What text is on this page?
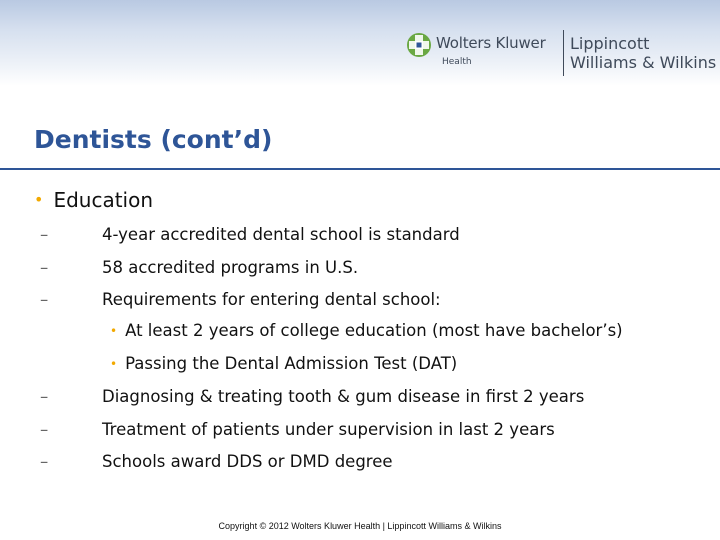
Wolters Kluwer
Health
Lippincott
Williams & Wilkins
Dentists (cont’d)
• Education
–	4-year accredited dental school is standard
–	58 accredited programs in U.S.
–	Requirements for entering dental school:
• At least 2 years of college education (most have bachelor’s)
• Passing the Dental Admission Test (DAT)
–	Diagnosing & treating tooth & gum disease in first 2 years
–	Treatment of patients under supervision in last 2 years
–	Schools award DDS or DMD degree
Copyright © 2012 Wolters Kluwer Health | Lippincott Williams & Wilkins
